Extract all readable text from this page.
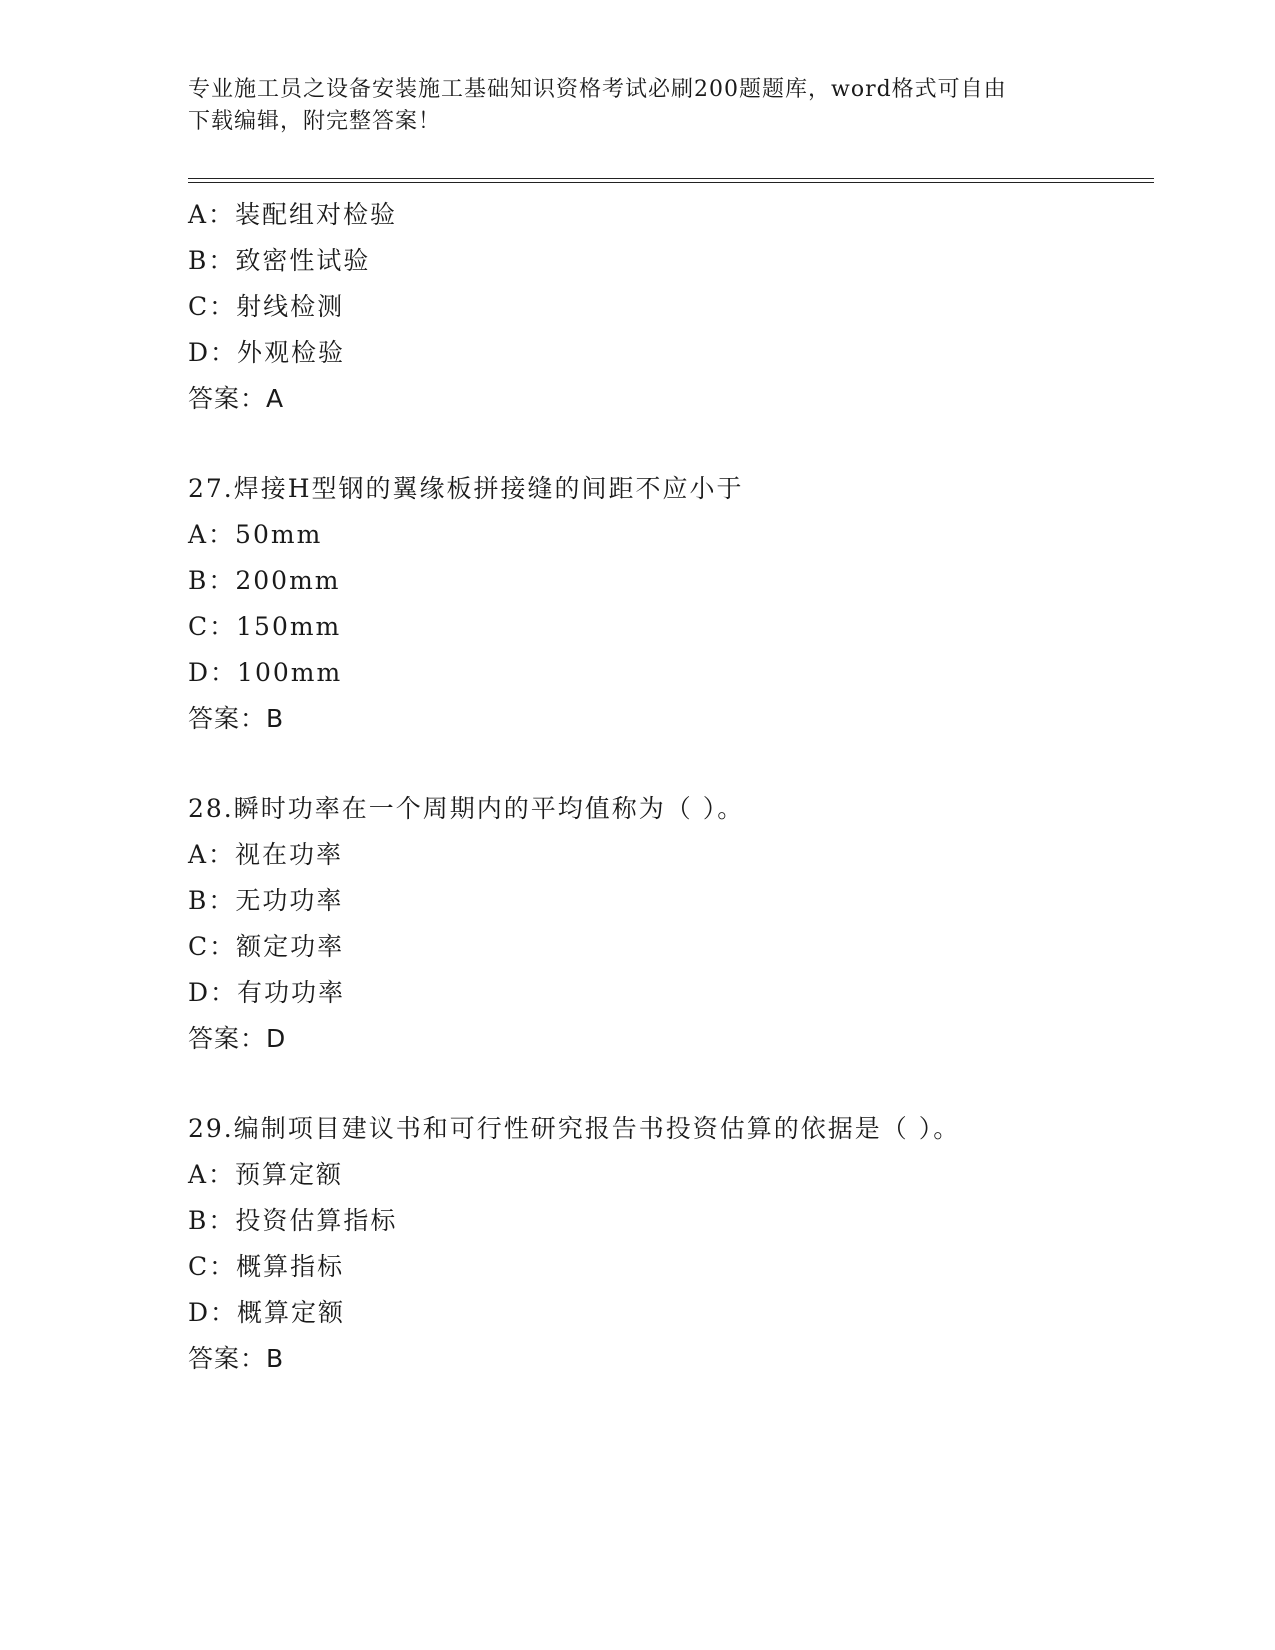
专业施工员之设备安装施工基础知识资格考试必刷200题题库，word格式可自由
下载编辑，附完整答案！
A：装配组对检验
B：致密性试验
C：射线检测
D：外观检验
答案：A
27.焊接H型钢的翼缘板拼接缝的间距不应小于
A：50mm
B：200mm
C：150mm
D：100mm
答案：B
28.瞬时功率在一个周期内的平均值称为（ ）。
A：视在功率
B：无功功率
C：额定功率
D：有功功率
答案：D
29.编制项目建议书和可行性研究报告书投资估算的依据是（ ）。
A：预算定额
B：投资估算指标
C：概算指标
D：概算定额
答案：B
